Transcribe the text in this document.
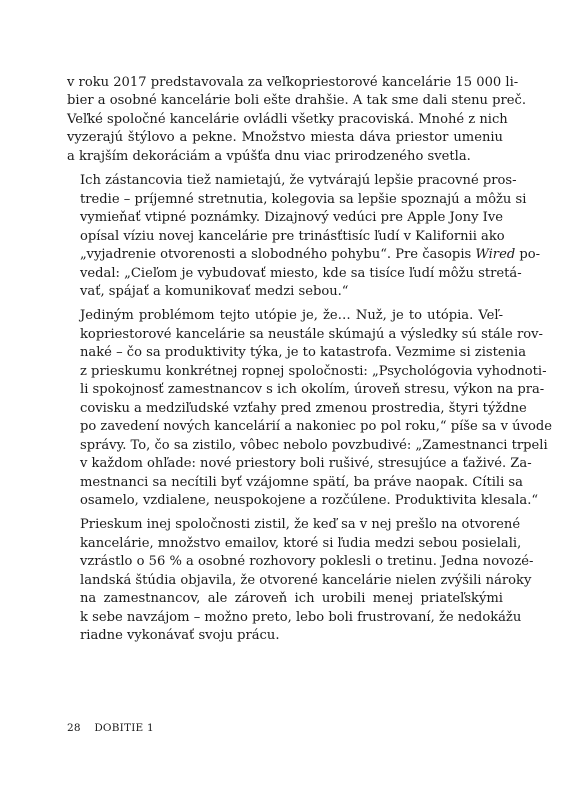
v roku 2017 predstavovala za veľkopriestorové kancelárie 15 000 li-
bier a osobné kancelárie boli ešte drahšie. A tak sme dali stenu preč.
Veľké spoločné kancelárie ovládli všetky pracoviská. Mnohé z nich
vyzerajú štýlovo a pekne. Množstvo miesta dáva priestor umeniu
a krajším dekoráciám a vpúšťa dnu viac prirodzeného svetla.

Ich zástancovia tiež namietajú, že vytvárajú lepšie pracovné pros-
tredie – príjemné stretnutia, kolegovia sa lepšie spoznajú a môžu si
vymieňať vtipné poznámky. Dizajnový vedúci pre Apple Jony Ive
opísal víziu novej kancelárie pre trinásťtisíc ľudí v Kalifornii ako
„vyjadrenie otvorenosti a slobodného pohybu“. Pre časopis Wired po-
vedal: „Cieľom je vybudovať miesto, kde sa tisíce ľudí môžu stretá-
vať, spájať a komunikovať medzi sebou.“

Jediným problémom tejto utópie je, že… Nuž, je to utópia. Veľ-
kopriestorové kancelárie sa neustále skúmajú a výsledky sú stále rov-
naké – čo sa produktivity týka, je to katastrofa. Vezmime si zistenia
z prieskumu konkrétnej ropnej spoločnosti: „Psychológovia vyhodnoti-
li spokojnosť zamestnancov s ich okolím, úroveň stresu, výkon na pra-
covisku a medziľudské vzťahy pred zmenou prostredia, štyri týždne
po zavedení nových kancelárií a nakoniec po pol roku,“ píše sa v úvode
správy. To, čo sa zistilo, vôbec nebolo povzbudivé: „Zamestnanci trpeli
v každom ohľade: nové priestory boli rušivé, stresujúce a ťaživé. Za-
mestnanci sa necítili byť vzájomne spätí, ba práve naopak. Cítili sa
osamelo, vzdialene, neuspokojene a rozčúlene. Produktivita klesala.“

Prieskum inej spoločnosti zistil, že keď sa v nej prešlo na otvorené
kancelárie, množstvo emailov, ktoré si ľudia medzi sebou posielali,
vzrástlo o 56 % a osobné rozhovory poklesli o tretinu. Jedna novozé-
landská štúdia objavila, že otvorené kancelárie nielen zvýšili nároky
na zamestnancov, ale zároveň ich urobili menej priateľskými
k sebe navzájom – možno preto, lebo boli frustrovaní, že nedokážu
riadne vykonávať svoju prácu.

28 DOBITIE 1
